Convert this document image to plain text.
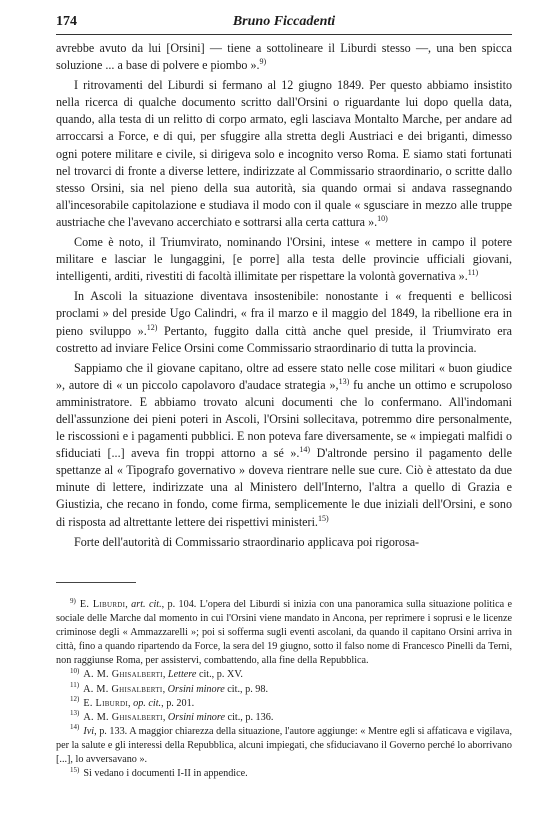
174	Bruno Ficcadenti

avrebbe avuto da lui [Orsini] — tiene a sottolineare il Liburdi stesso —, una ben spicca soluzione ... a base di polvere e piombo ».$^{9)}$

I ritrovamenti del Liburdi si fermano al 12 giugno 1849. Per questo abbiamo insistito nella ricerca di qualche documento scritto dall'Orsini o riguardante lui dopo quella data, quando, alla testa di un relitto di corpo armato, egli lasciava Montalto Marche, per andare ad arroccarsi a Force, e di qui, per sfuggire alla stretta degli Austriaci e dei briganti, dimesso ogni potere militare e civile, si dirigeva solo e incognito verso Roma. E siamo stati fortunati nel trovarci di fronte a diverse lettere, indirizzate al Commissario straordinario, o scritte dallo stesso Orsini, sia nel pieno della sua autorità, sia quando ormai si andava rassegnando all'incesorabile capitolazione e studiava il modo con il quale « sgusciare in mezzo alle truppe austriache che l'avevano accerchiato e sottrarsi alla certa cattura ».$^{10)}$

Come è noto, il Triumvirato, nominando l'Orsini, intese « mettere in campo il potere militare e lasciar le lungaggini, [e porre] alla testa delle provincie ufficiali giovani, intelligenti, arditi, rivestiti di facoltà illimitate per rispettare la volontà governativa ».$^{11)}$

In Ascoli la situazione diventava insostenibile: nonostante i « frequenti e bellicosi proclami » del preside Ugo Calindri, « fra il marzo e il maggio del 1849, la ribellione era in pieno sviluppo ».$^{12)}$ Pertanto, fuggito dalla città anche quel preside, il Triumvirato era costretto ad inviare Felice Orsini come Commissario straordinario di tutta la provincia.

Sappiamo che il giovane capitano, oltre ad essere stato nelle cose militari « buon giudice », autore di « un piccolo capolavoro d'audace strategia »,$^{13)}$ fu anche un ottimo e scrupoloso amministratore. E abbiamo trovato alcuni documenti che lo confermano. All'indomani dell'assunzione dei pieni poteri in Ascoli, l'Orsini sollecitava, potremmo dire personalmente, le riscossioni e i pagamenti pubblici. E non poteva fare diversamente, se « impiegati malfidi o sfiduciati [...] aveva fin troppi attorno a sé ».$^{14)}$ D'altronde persino il pagamento delle spettanze al « Tipografo governativo » doveva rientrare nelle sue cure. Ciò è attestato da due minute di lettere, indirizzate una al Ministero dell'Interno, l'altra a quello di Grazia e Giustizia, che recano in fondo, come firma, semplicemente le due iniziali dell'Orsini, e sono di risposta ad altrettante lettere dei rispettivi ministeri.$^{15)}$

Forte dell'autorità di Commissario straordinario applicava poi rigorosa-

$^{9)}$ E. Liburdi, art. cit., p. 104. L'opera del Liburdi si inizia con una panoramica sulla situazione politica e sociale delle Marche dal momento in cui l'Orsini viene mandato in Ancona, per reprimere i soprusi e le licenze criminose degli « Ammazzarelli »; poi si sofferma sugli eventi ascolani, da quando il capitano Orsini arriva in città, fino a quando ripartendo da Force, la sera del 19 giugno, sotto il falso nome di Francesco Pinelli da Terni, non raggiunse Roma, per assistervi, combattendo, alla fine della Repubblica.

$^{10)}$ A. M. Ghisalberti, Lettere cit., p. XV.

$^{11)}$ A. M. Ghisalberti, Orsini minore cit., p. 98.

$^{12)}$ E. Liburdi, op. cit., p. 201.

$^{13)}$ A. M. Ghisalberti, Orsini minore cit., p. 136.

$^{14)}$ Ivi, p. 133. A maggior chiarezza della situazione, l'autore aggiunge: « Mentre egli si affaticava e vigilava, per la salute e gli interessi della Repubblica, alcuni impiegati, che sfiduciavano il Governo perché lo aborrivano [...], lo avversavano ».

$^{15)}$ Si vedano i documenti I-II in appendice.
